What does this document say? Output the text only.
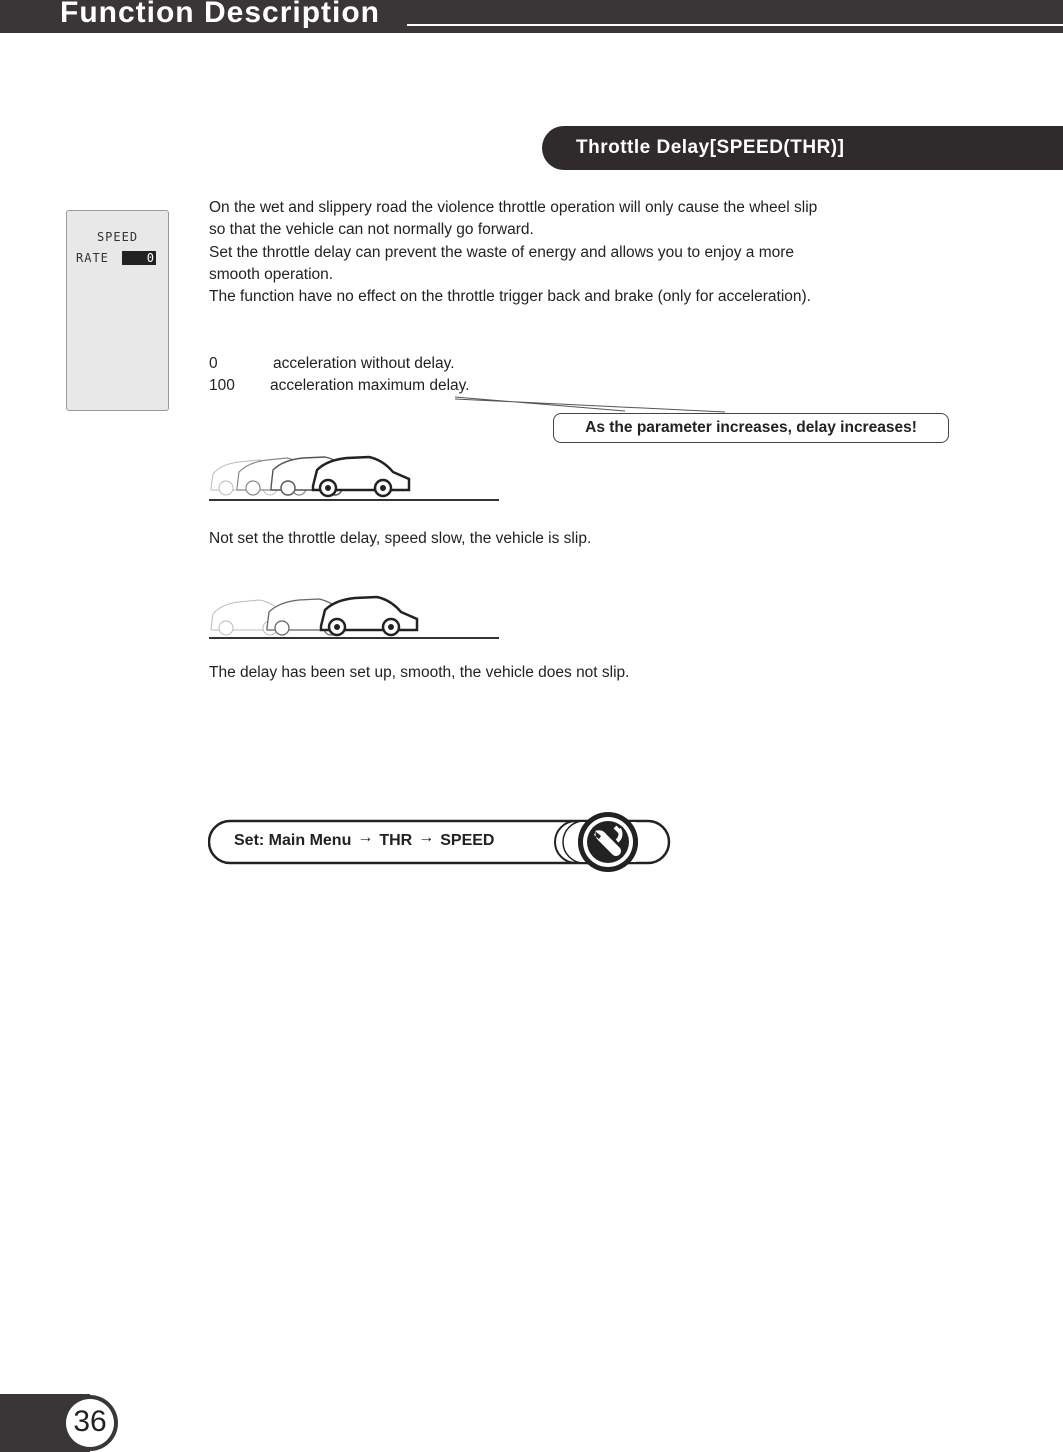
Function Description
Throttle Delay[SPEED(THR)]
SPEED
RATE	0

On the wet and slippery road the violence throttle operation will only cause the wheel slip

so that the vehicle can not normally go forward.

Set the throttle delay can prevent the waste of energy and allows you to enjoy a more

smooth operation.

The function have no effect on the throttle trigger back and brake (only for acceleration).

0	acceleration without delay.
100 acceleration maximum delay.
As the parameter increases, delay increases!
Not set the throttle delay, speed slow, the vehicle is slip.
The delay has been set up, smooth, the vehicle does not slip.
Set: Main Menu → THR → SPEED
36
